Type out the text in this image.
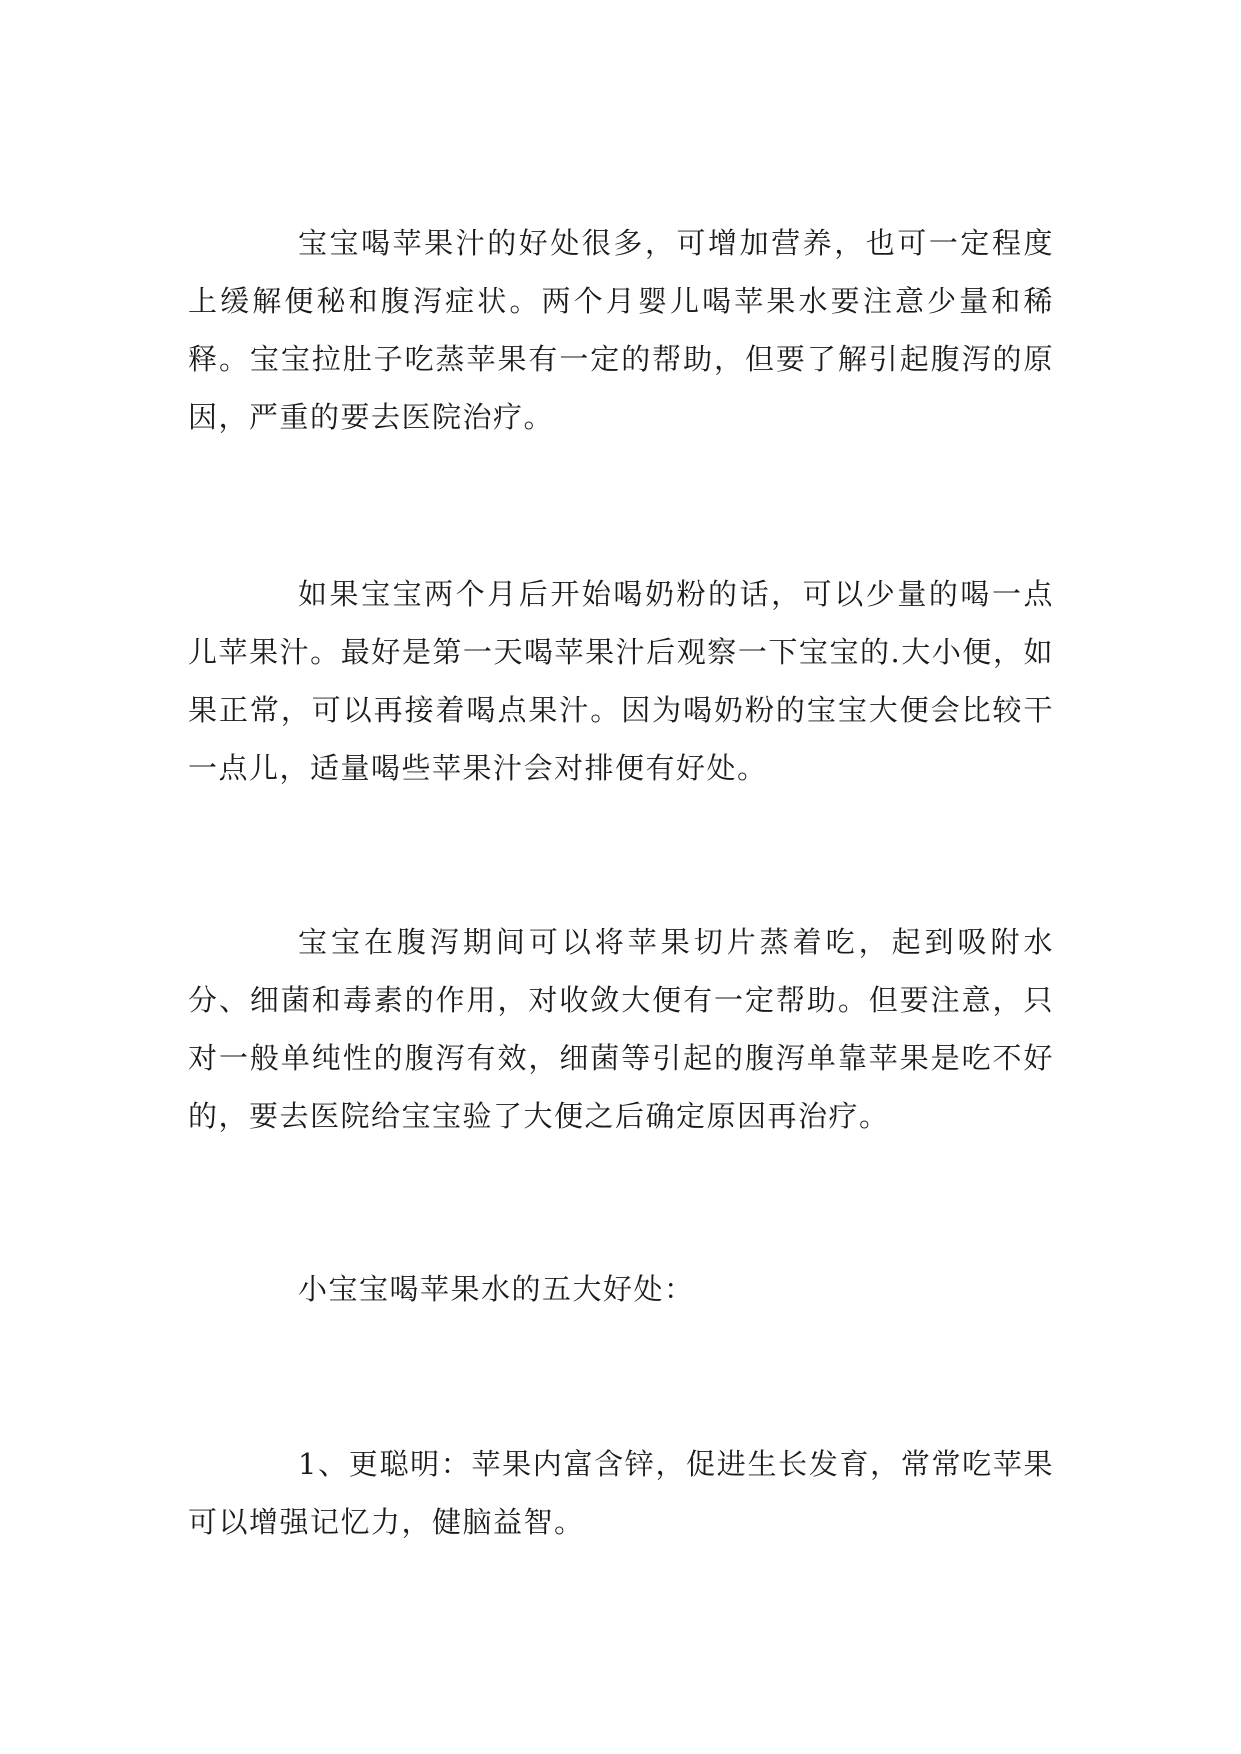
宝宝喝苹果汁的好处很多，可增加营养，也可一定程度上缓解便秘和腹泻症状。两个月婴儿喝苹果水要注意少量和稀释。宝宝拉肚子吃蒸苹果有一定的帮助，但要了解引起腹泻的原因，严重的要去医院治疗。

如果宝宝两个月后开始喝奶粉的话，可以少量的喝一点儿苹果汁。最好是第一天喝苹果汁后观察一下宝宝的.大小便，如果正常，可以再接着喝点果汁。因为喝奶粉的宝宝大便会比较干一点儿，适量喝些苹果汁会对排便有好处。

宝宝在腹泻期间可以将苹果切片蒸着吃，起到吸附水分、细菌和毒素的作用，对收敛大便有一定帮助。但要注意，只对一般单纯性的腹泻有效，细菌等引起的腹泻单靠苹果是吃不好的，要去医院给宝宝验了大便之后确定原因再治疗。

小宝宝喝苹果水的五大好处：

1、更聪明：苹果内富含锌，促进生长发育，常常吃苹果可以增强记忆力，健脑益智。
